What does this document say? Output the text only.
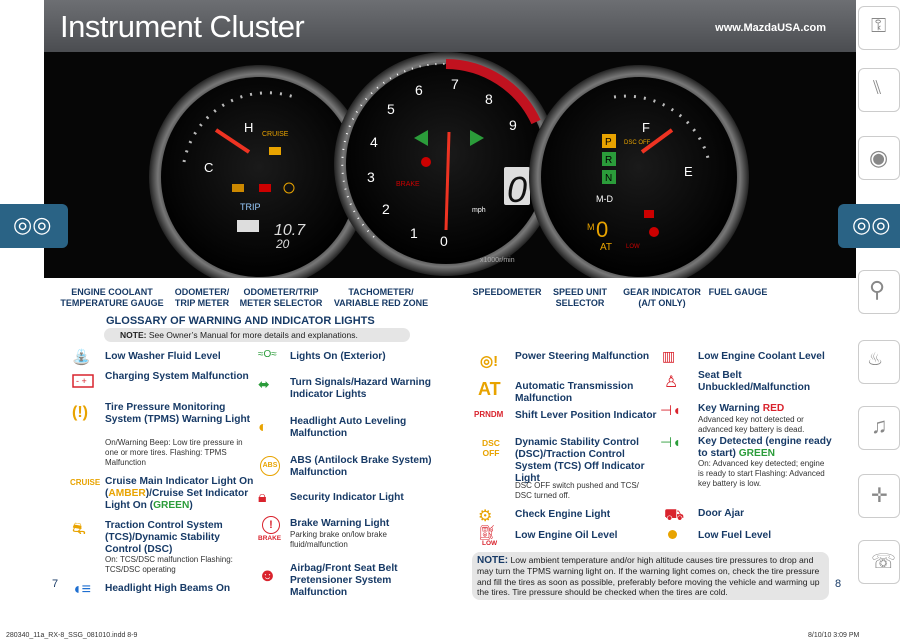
Instrument Cluster	www.MazdaUSA.com
H
C
CRUISE
TRIP
10.7
20	0
1
2
3
4
5
6 7
8
9
BRAKE 0
mph
x1000r/min
F
E
P
R
N
DSC OFF
M-D
M 0
AT LOW
◎◎	◎◎
⚿
⑊
◉
⚲
♨
♫
✛
☏
ENGINE COOLANT
TEMPERATURE GAUGE
ODOMETER/
TRIP METER
ODOMETER/TRIP
METER SELECTOR
TACHOMETER/
VARIABLE RED ZONE
SPEEDOMETER	SPEED UNIT
SELECTOR
GEAR INDICATOR
(A/T ONLY)
FUEL GAUGE
GLOSSARY OF WARNING AND INDICATOR LIGHTS
NOTE: See Owner’s Manual for more details and explanations.
⛲	Low Washer Fluid Level
- + Charging System Malfunction
(!)	Tire Pressure Monitoring System (TPMS) Warning Light
On/Warning Beep: Low tire pressure in one or more tires. Flashing: TPMS Malfunction
CRUISE Cruise Main Indicator Light On (AMBER)/Cruise Set Indicator Light On (GREEN)
⛐	Traction Control System (TCS)/Dynamic Stability Control (DSC)
On: TCS/DSC malfunction Flashing: TCS/DSC operating
◖≡ Headlight High Beams On
≈O≈	Lights On (Exterior)
⬌	Turn Signals/Hazard Warning Indicator Lights
◐	Headlight Auto Leveling Malfunction
ABS ABS (Antilock Brake System) Malfunction
🔒︎	Security Indicator Light
!
BRAKE
Brake Warning Light
Parking brake on/low brake fluid/malfunction
☻ Airbag/Front Seat Belt Pretensioner System Malfunction
◎!	Power Steering Malfunction
AT Automatic Transmission Malfunction
PRNDM Shift Lever Position Indicator
DSC
OFF
Dynamic Stability Control (DSC)/Traction Control System (TCS) Off Indicator Light
DSC OFF switch pushed and TCS/ DSC turned off.
⚙	Check Engine Light
⛽︎
LOW
Low Engine Oil Level
▥	Low Engine Coolant Level
♙	Seat Belt Unbuckled/Malfunction
⊣◖ Key Warning RED
Advanced key not detected or advanced key battery is dead.
⊣◖ Key Detected (engine ready to start) GREEN
On: Advanced key detected; engine is ready to start Flashing: Advanced key battery is low.
⛟ Door Ajar
Low Fuel Level
NOTE: Low ambient temperature and/or high altitude causes tire pressures to drop and may turn the TPMS warning light on. If the warning light comes on, check the tire pressure and fill the tires as soon as possible, preferably before moving the vehicle and warming up the tires. Tire pressure should be checked when the tires are cold.
7	8
280340_11a_RX-8_SSG_081010.indd 8-9	8/10/10 3:09 PM
